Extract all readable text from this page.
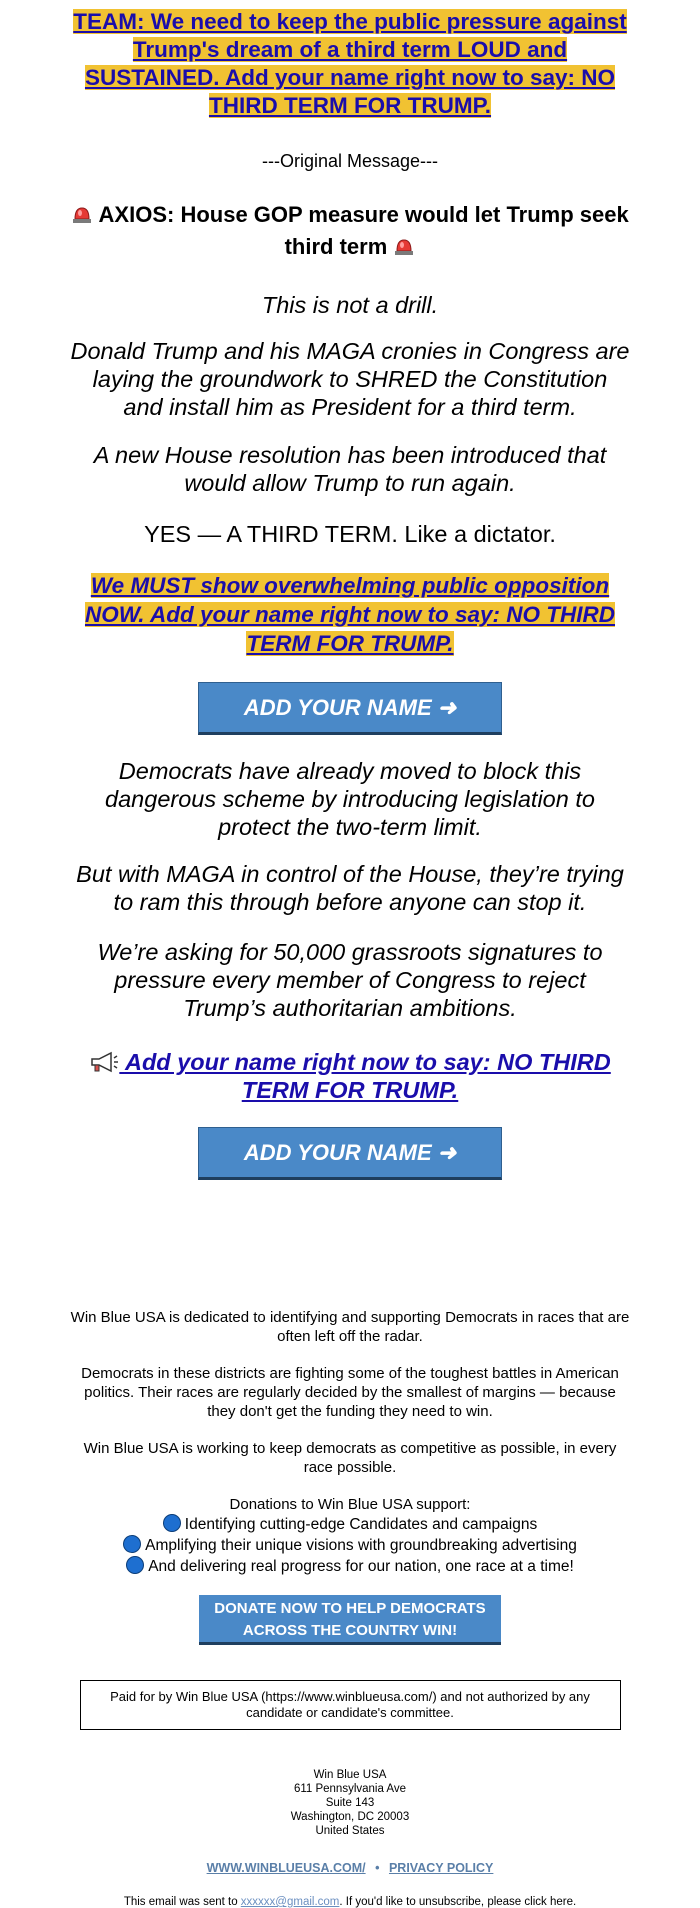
TEAM: We need to keep the public pressure against Trump's dream of a third term LOUD and SUSTAINED. Add your name right now to say: NO THIRD TERM FOR TRUMP.
---Original Message---
AXIOS: House GOP measure would let Trump seek third term
This is not a drill.
Donald Trump and his MAGA cronies in Congress are laying the groundwork to SHRED the Constitution and install him as President for a third term.
A new House resolution has been introduced that would allow Trump to run again.
YES — A THIRD TERM. Like a dictator.
We MUST show overwhelming public opposition NOW. Add your name right now to say: NO THIRD TERM FOR TRUMP.
ADD YOUR NAME ➜
Democrats have already moved to block this dangerous scheme by introducing legislation to protect the two-term limit.
But with MAGA in control of the House, they’re trying to ram this through before anyone can stop it.
We’re asking for 50,000 grassroots signatures to pressure every member of Congress to reject Trump’s authoritarian ambitions.
Add your name right now to say: NO THIRD TERM FOR TRUMP.
ADD YOUR NAME ➜
Win Blue USA is dedicated to identifying and supporting Democrats in races that are often left off the radar.
Democrats in these districts are fighting some of the toughest battles in American politics. Their races are regularly decided by the smallest of margins — because they don't get the funding they need to win.
Win Blue USA is working to keep democrats as competitive as possible, in every race possible.
Donations to Win Blue USA support:
Identifying cutting-edge Candidates and campaigns
Amplifying their unique visions with groundbreaking advertising
And delivering real progress for our nation, one race at a time!
DONATE NOW TO HELP DEMOCRATS ACROSS THE COUNTRY WIN!
Paid for by Win Blue USA (https://www.winblueusa.com/) and not authorized by any candidate or candidate's committee.
Win Blue USA
611 Pennsylvania Ave
Suite 143
Washington, DC 20003
United States
WWW.WINBLUEUSA.COM/ • PRIVACY POLICY
This email was sent to xxxxxx@gmail.com. If you'd like to unsubscribe, please click here.
